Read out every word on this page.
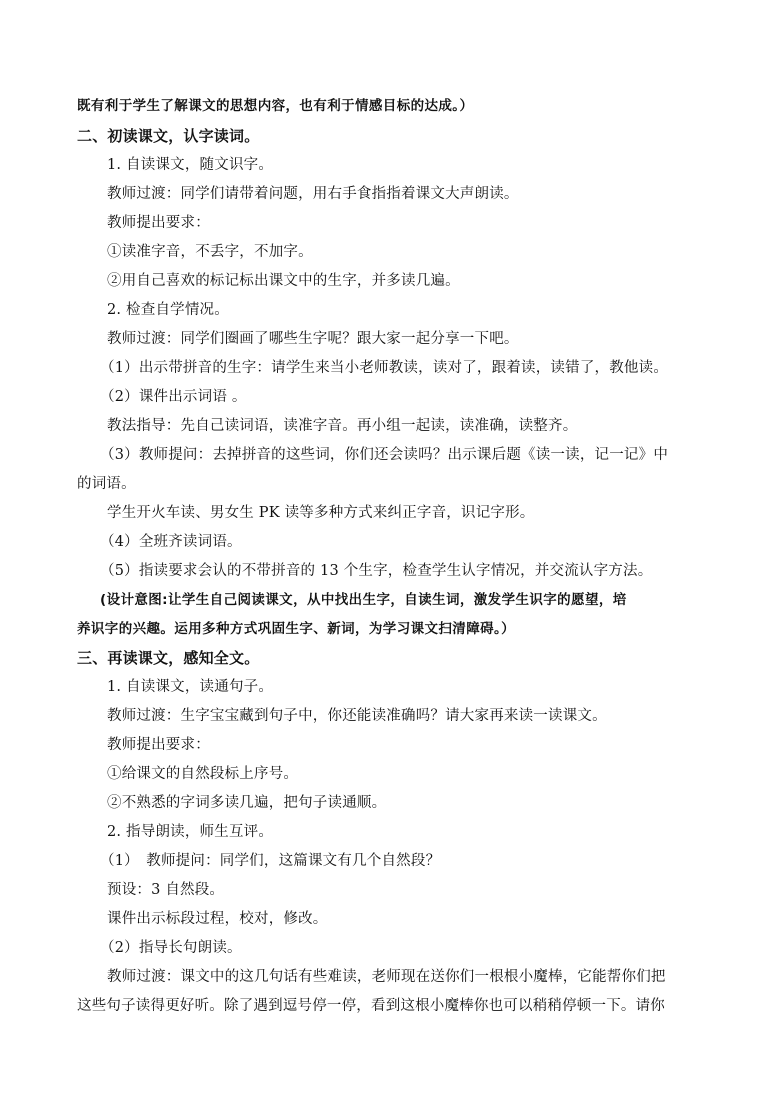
既有利于学生了解课文的思想内容，也有利于情感目标的达成。）
二、初读课文，认字读词。
1. 自读课文，随文识字。
教师过渡：同学们请带着问题，用右手食指指着课文大声朗读。
教师提出要求：
①读准字音，不丢字，不加字。
②用自己喜欢的标记标出课文中的生字，并多读几遍。
2. 检查自学情况。
教师过渡：同学们圈画了哪些生字呢？跟大家一起分享一下吧。
（1）出示带拼音的生字：请学生来当小老师教读，读对了，跟着读，读错了，教他读。
（2）课件出示词语 。
教法指导：先自己读词语，读准字音。再小组一起读，读准确，读整齐。
（3）教师提问：去掉拼音的这些词，你们还会读吗？出示课后题《读一读，记一记》中
的词语。
学生开火车读、男女生 PK 读等多种方式来纠正字音，识记字形。
（4）全班齐读词语。
（5）指读要求会认的不带拼音的 13 个生字，检查学生认字情况，并交流认字方法。
(设计意图:让学生自己阅读课文，从中找出生字，自读生词，激发学生识字的愿望，培
养识字的兴趣。运用多种方式巩固生字、新词，为学习课文扫清障碍。）
三、再读课文，感知全文。
1. 自读课文，读通句子。
教师过渡：生字宝宝藏到句子中，你还能读准确吗？请大家再来读一读课文。
教师提出要求：
①给课文的自然段标上序号。
②不熟悉的字词多读几遍，把句子读通顺。
2. 指导朗读，师生互评。
（1）　教师提问：同学们，这篇课文有几个自然段？
预设：3 自然段。
课件出示标段过程，校对，修改。
（2）指导长句朗读。
教师过渡：课文中的这几句话有些难读，老师现在送你们一根根小魔棒，它能帮你们把
这些句子读得更好听。除了遇到逗号停一停，看到这根小魔棒你也可以稍稍停顿一下。请你
